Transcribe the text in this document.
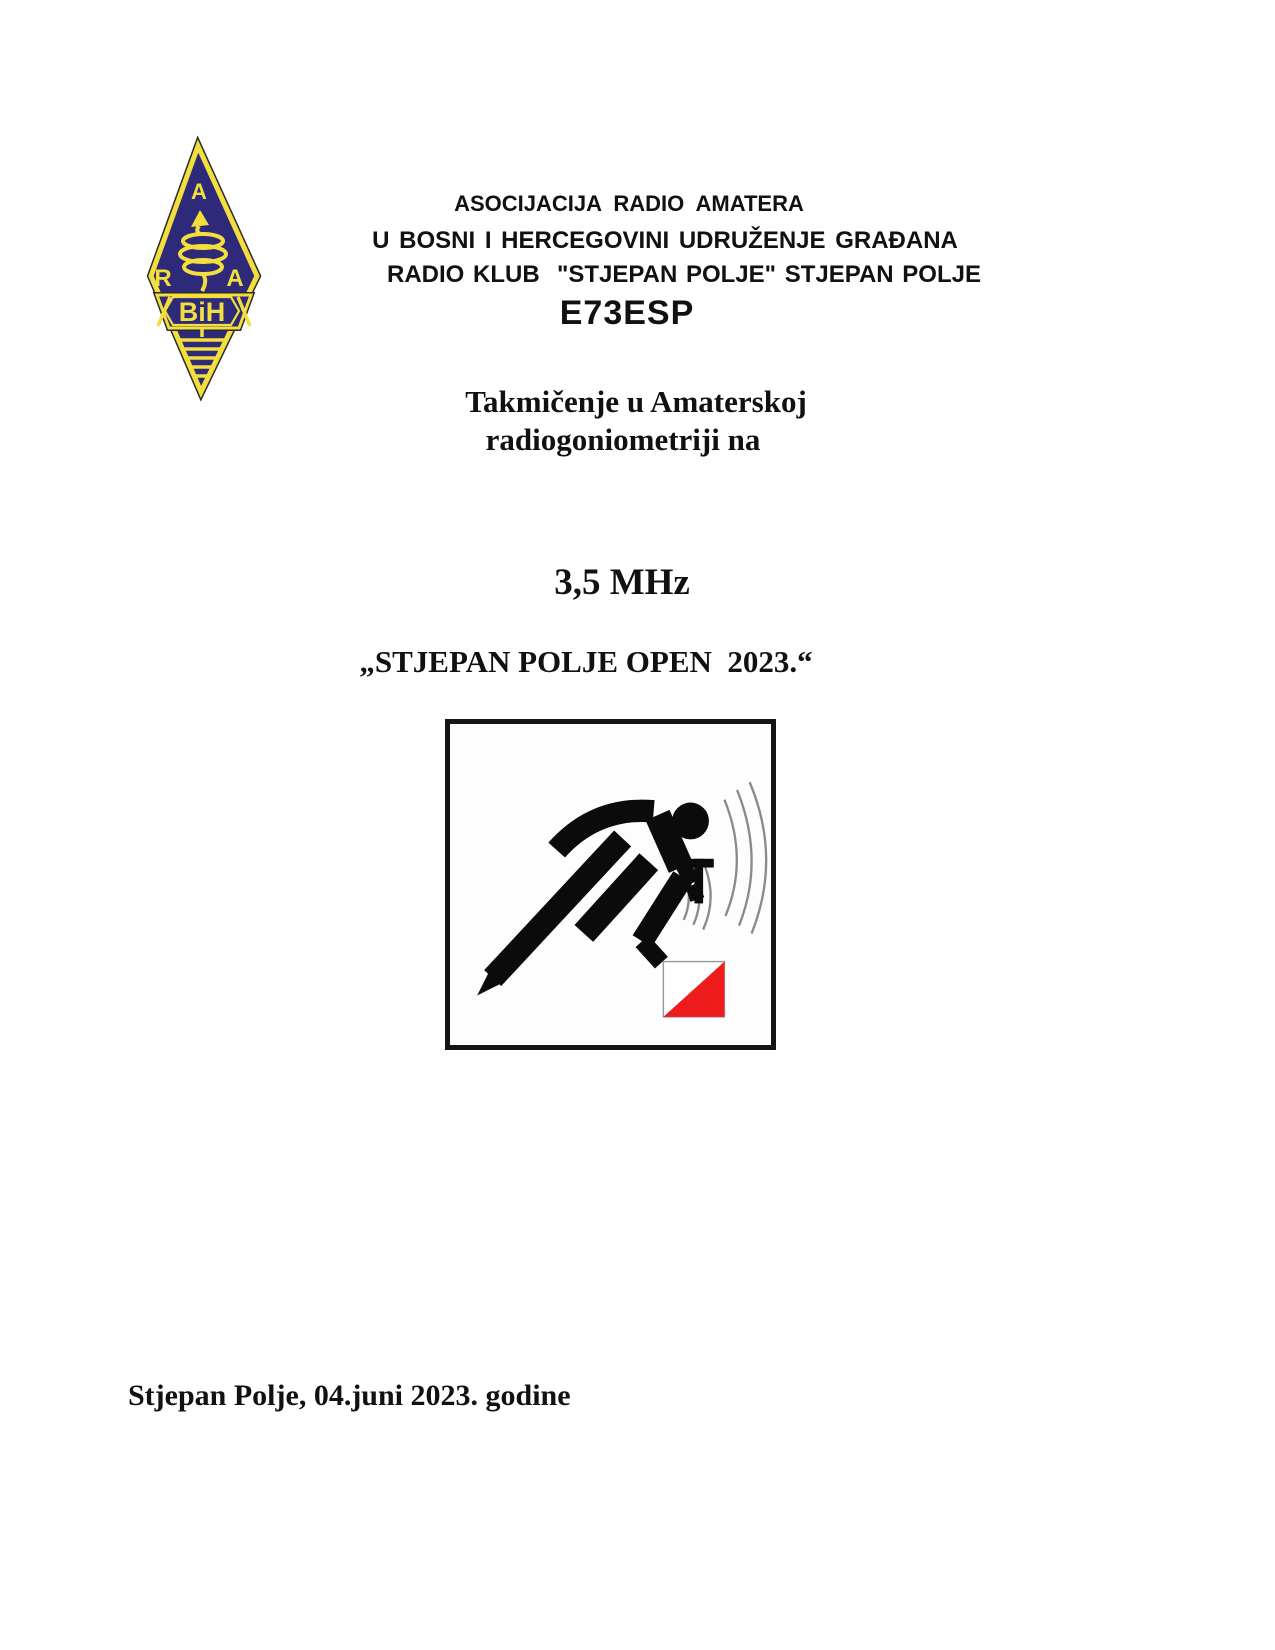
A
R A
BiH
ASOCIJACIJA RADIO AMATERA
U BOSNI I HERCEGOVINI UDRUŽENJE GRAĐANA
RADIO KLUB  "STJEPAN POLJE" STJEPAN POLJE
E73ESP
Takmičenje u Amaterskoj
radiogoniometriji na
3,5 MHz
„STJEPAN POLJE OPEN  2023.“
Stjepan Polje, 04.juni 2023. godine
